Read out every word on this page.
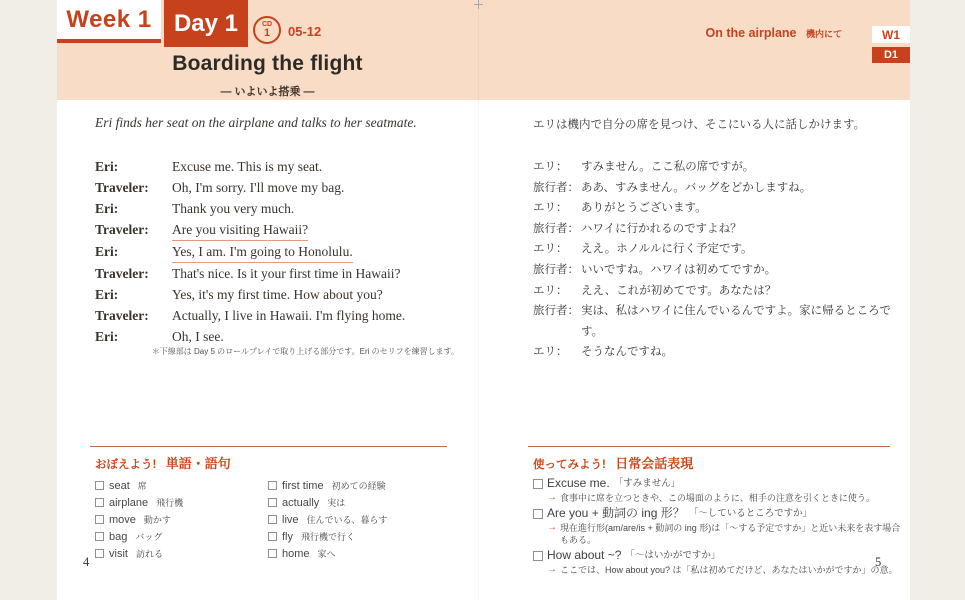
Week 1 Day 1	CD
1 05-12
Boarding the flight
— いよいよ搭乗 —
On the airplane 機内にて	W1
D1
Eri finds her seat on the airplane and talks to her seatmate.
Eri:	Excuse me. This is my seat.
Traveler:	Oh, I'm sorry. I'll move my bag.
Eri:	Thank you very much.
Traveler:	Are you visiting Hawaii?
Eri:	Yes, I am. I'm going to Honolulu.
Traveler:	That's nice. Is it your first time in Hawaii?
Eri:	Yes, it's my first time. How about you?
Traveler:	Actually, I live in Hawaii. I'm flying home.
Eri:	Oh, I see.
＊下線部は Day 5 のロールプレイで取り上げる部分です。Eri のセリフを練習します。
おぼえよう! 単語・語句
seat 席
airplane 飛行機
move 動かす
bag バッグ
visit 訪れる
first time 初めての経験
actually 実は
live 住んでいる、暮らす
fly 飛行機で行く
home 家へ
4
エリは機内で自分の席を見つけ、そこにいる人に話しかけます。
エリ：	すみません。ここ私の席ですが。
旅行者： ああ、すみません。バッグをどかしますね。
エリ：	ありがとうございます。
旅行者： ハワイに行かれるのですよね？
エリ：	ええ。ホノルルに行く予定です。
旅行者： いいですね。ハワイは初めてですか。
エリ：	ええ、これが初めてです。あなたは？
旅行者： 実は、私はハワイに住んでいるんですよ。家に帰るところです。
エリ：	そうなんですね。
使ってみよう! 日常会話表現
Excuse me. 「すみません」
→ 食事中に席を立つときや、この場面のように、相手の注意を引くときに使う。
Are you + 動詞の ing 形？ 「〜しているところですか」
→ 現在進行形(am/are/is + 動詞の ing 形)は「〜する予定ですか」と近い未来を表す場合もある。
How about ~? 「〜はいかがですか」
→ ここでは、How about you? は「私は初めてだけど、あなたはいかがですか」の意。
5
